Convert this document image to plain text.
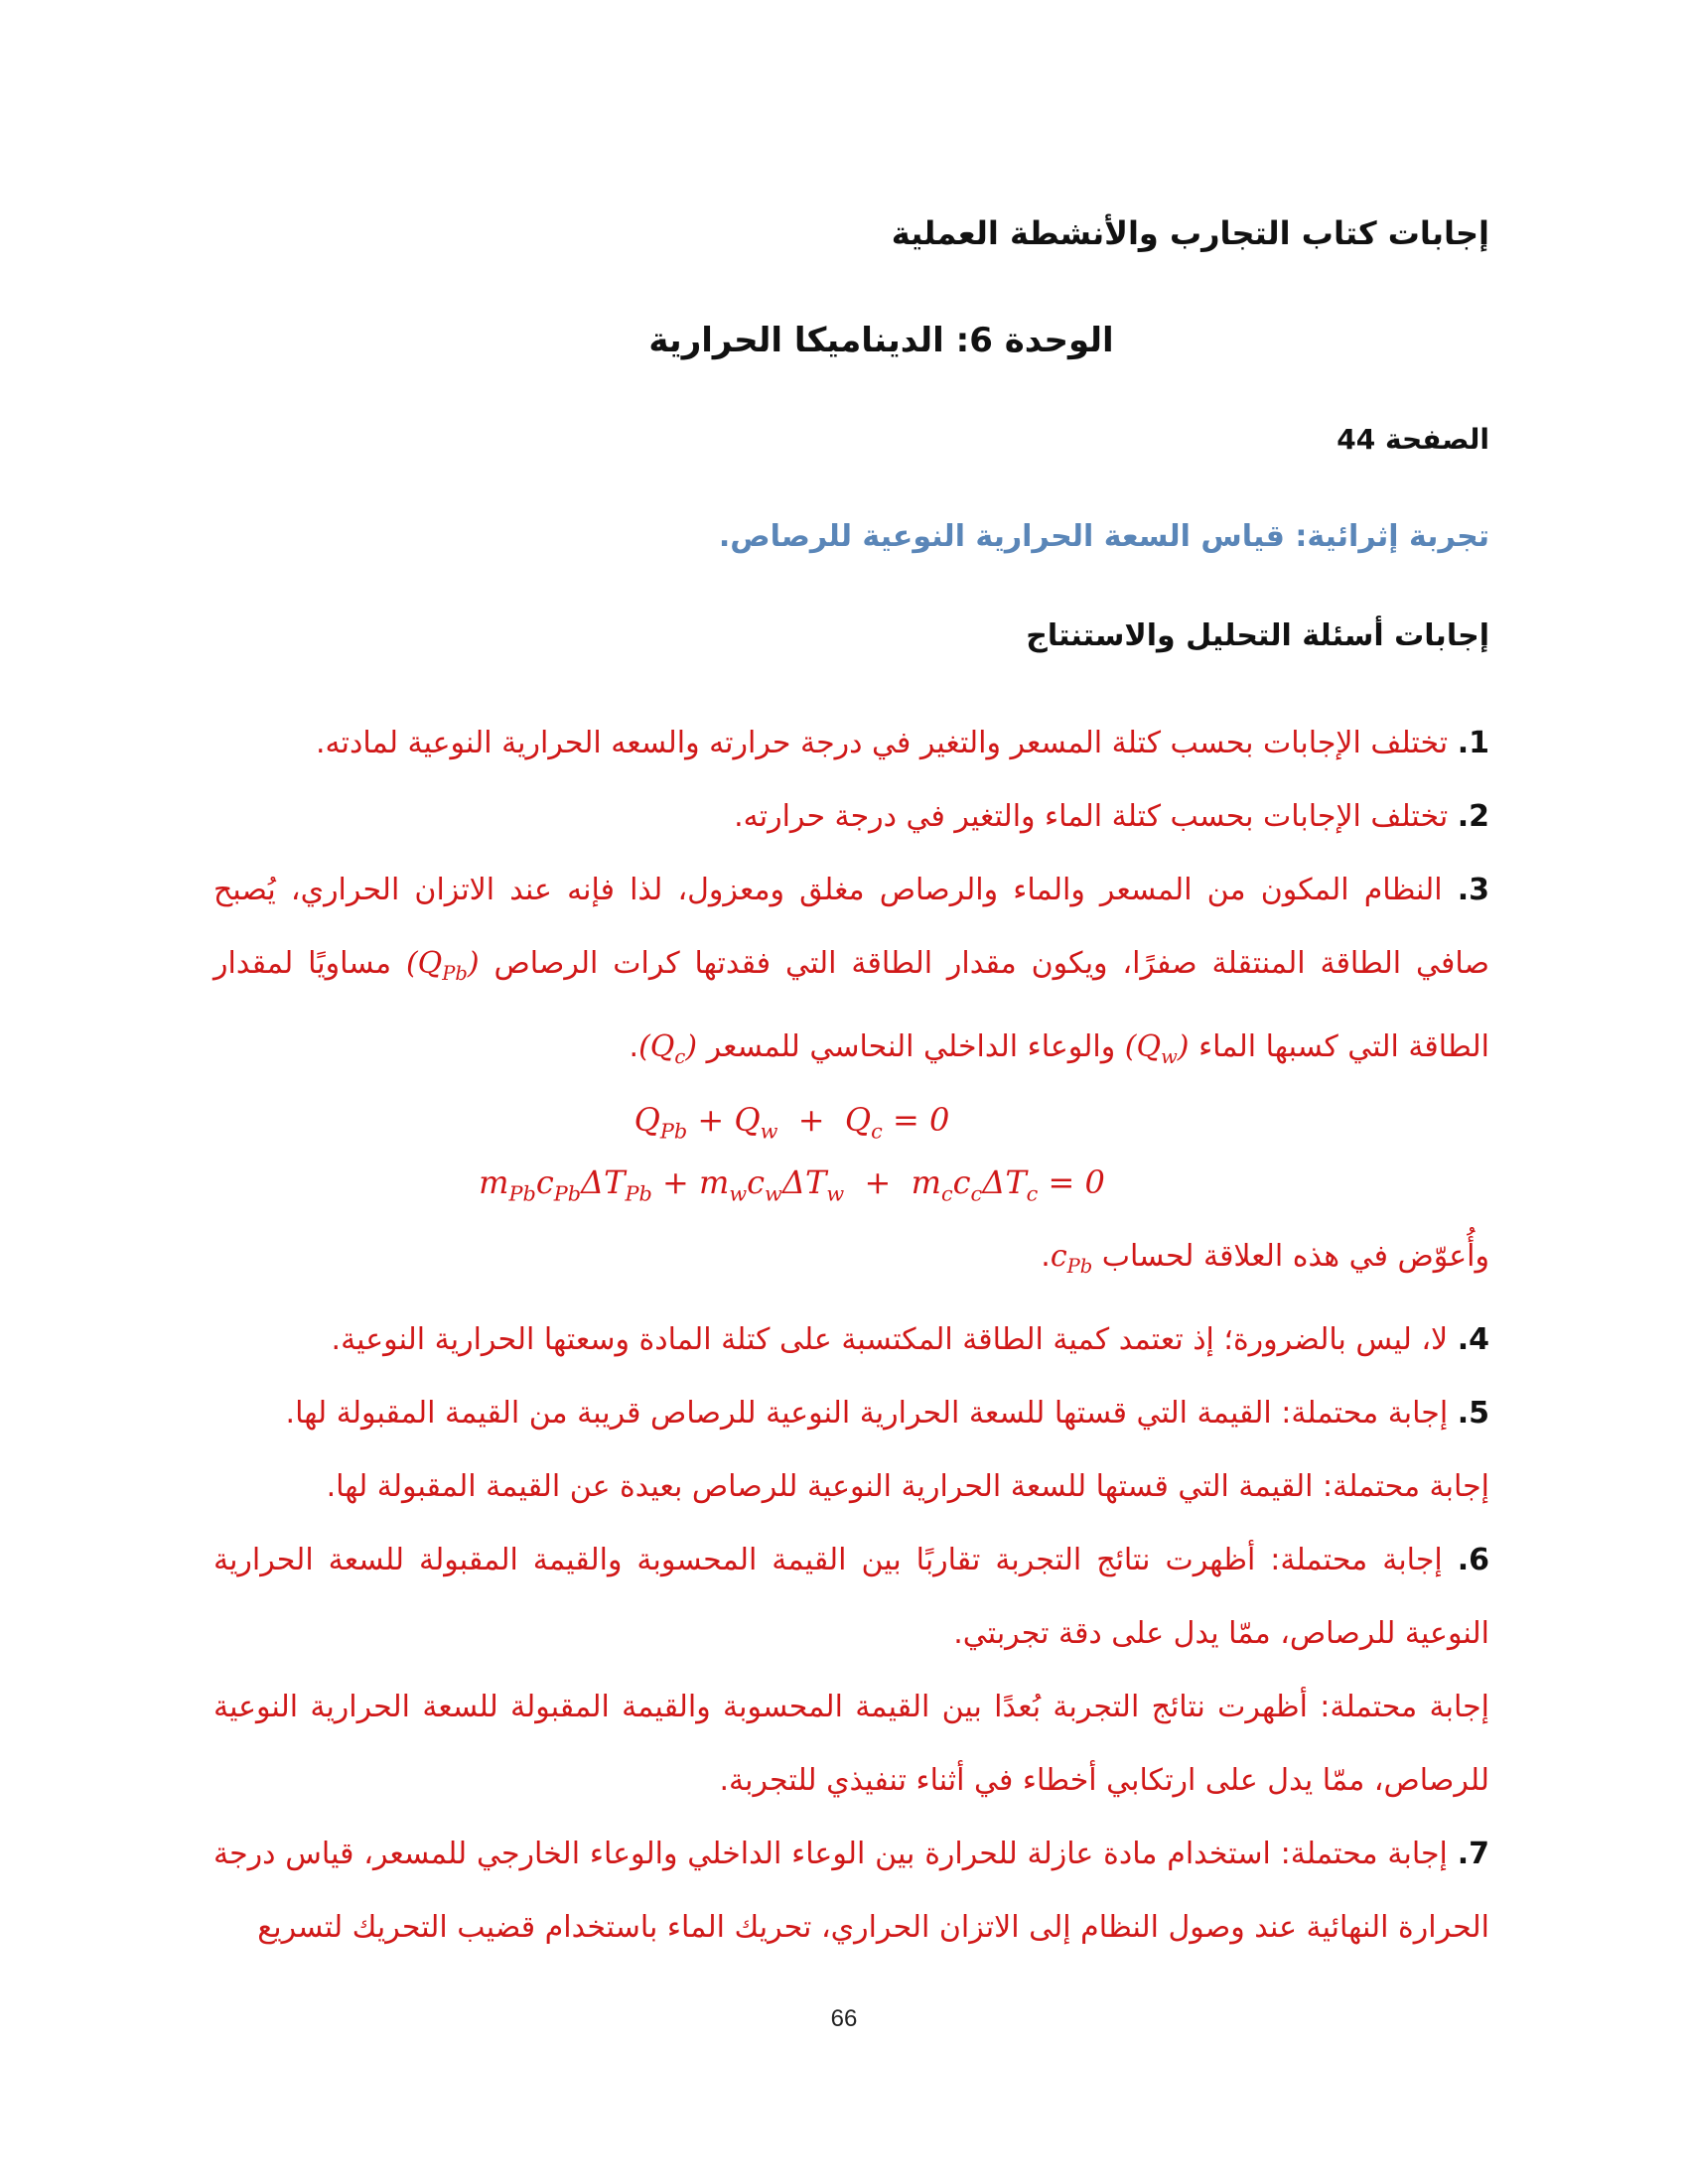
إجابات كتاب التجارب والأنشطة العملية
الوحدة 6: الديناميكا الحرارية
الصفحة 44
تجربة إثرائية: قياس السعة الحرارية النوعية للرصاص.
إجابات أسئلة التحليل والاستنتاج

1. تختلف الإجابات بحسب كتلة المسعر والتغير في درجة حرارته والسعه الحرارية النوعية لمادته.

2. تختلف الإجابات بحسب كتلة الماء والتغير في درجة حرارته.

3. النظام المكون من المسعر والماء والرصاص مغلق ومعزول، لذا فإنه عند الاتزان الحراري، يُصبح صافي الطاقة المنتقلة صفرًا، ويكون مقدار الطاقة التي فقدتها كرات الرصاص $(Q_{Pb})$ مساويًا لمقدار الطاقة التي كسبها الماء $(Q_w)$ والوعاء الداخلي النحاسي للمسعر $(Q_c)$.

$Q_{Pb} + Q_w + Q_c = 0$
$m_{Pb}c_{Pb}\Delta T_{Pb} + m_wc_w\Delta T_w + m_cc_c\Delta T_c = 0$

وأُعوّض في هذه العلاقة لحساب $c_{Pb}$.

4. لا، ليس بالضرورة؛ إذ تعتمد كمية الطاقة المكتسبة على كتلة المادة وسعتها الحرارية النوعية.

5. إجابة محتملة: القيمة التي قستها للسعة الحرارية النوعية للرصاص قريبة من القيمة المقبولة لها.

إجابة محتملة: القيمة التي قستها للسعة الحرارية النوعية للرصاص بعيدة عن القيمة المقبولة لها.

6. إجابة محتملة: أظهرت نتائج التجربة تقاربًا بين القيمة المحسوبة والقيمة المقبولة للسعة الحرارية النوعية للرصاص، ممّا يدل على دقة تجربتي.

إجابة محتملة: أظهرت نتائج التجربة بُعدًا بين القيمة المحسوبة والقيمة المقبولة للسعة الحرارية النوعية للرصاص، ممّا يدل على ارتكابي أخطاء في أثناء تنفيذي للتجربة.

7. إجابة محتملة: استخدام مادة عازلة للحرارة بين الوعاء الداخلي والوعاء الخارجي للمسعر، قياس درجة الحرارة النهائية عند وصول النظام إلى الاتزان الحراري، تحريك الماء باستخدام قضيب التحريك لتسريع

66
